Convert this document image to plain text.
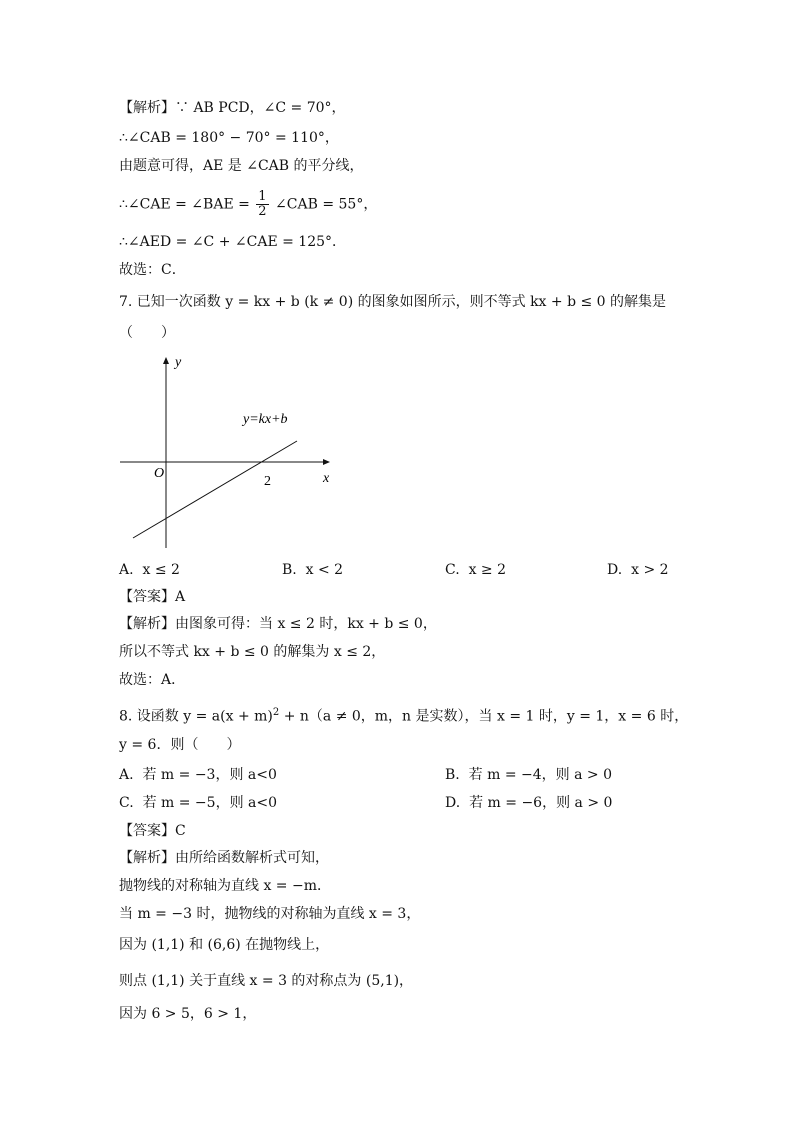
【解析】∵ AB PCD，∠C = 70°，
∴∠CAB = 180° − 70° = 110°，
由题意可得，AE 是 ∠CAB 的平分线，
∴∠CAE = ∠BAE = $\frac{1}{2}$ ∠CAB = 55°，
∴∠AED = ∠C + ∠CAE = 125°．
故选：C．
7. 已知一次函数 y = kx + b (k ≠ 0) 的图象如图所示，则不等式 kx + b ≤ 0 的解集是
（　　）
y
x
O
2
y=kx+b
A. x ≤ 2	B. x < 2	C. x ≥ 2	D. x > 2
【答案】A
【解析】由图象可得：当 x ≤ 2 时，kx + b ≤ 0，
所以不等式 kx + b ≤ 0 的解集为 x ≤ 2，
故选：A．
8. 设函数 $y = a(x + m)^2 + n(a \ne 0$，m，n 是实数），当 x = 1 时，y = 1，x = 6 时，
y = 6．则（　　）
A. 若 m = −3，则 a<0	B. 若 m = −4，则 a > 0
C. 若 m = −5，则 a<0	D. 若 m = −6，则 a > 0
【答案】C
【解析】由所给函数解析式可知，
抛物线的对称轴为直线 x = −m．
当 m = −3 时，抛物线的对称轴为直线 x = 3，
因为 (1,1) 和 (6,6) 在抛物线上，
则点 (1,1) 关于直线 x = 3 的对称点为 (5,1)，
因为 6 > 5，6 > 1，
